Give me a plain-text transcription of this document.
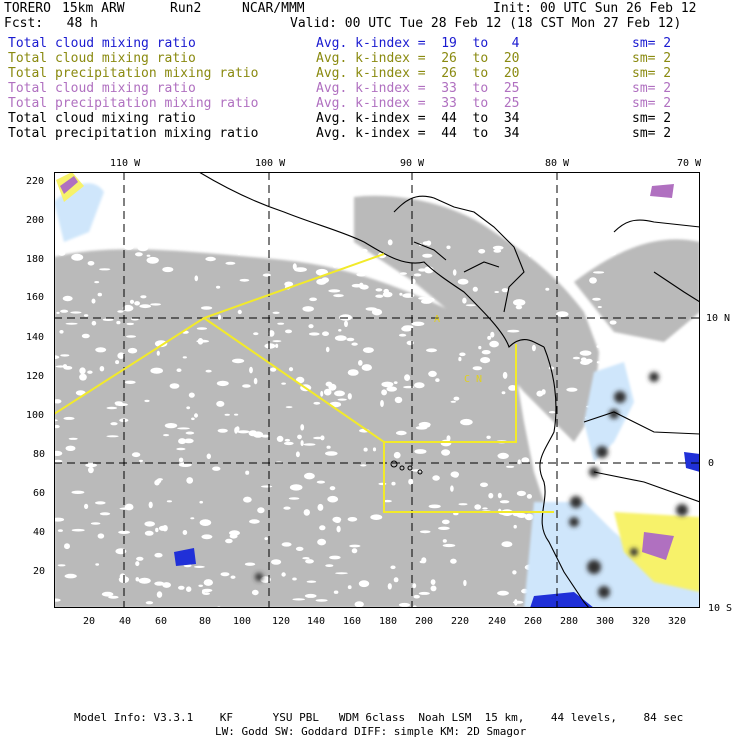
TORERO 15km ARW	Run2	NCAR/MMM	Init: 00 UTC Sun 26 Feb 12
Fcst:   48 h	Valid: 00 UTC Tue 28 Feb 12 (18 CST Mon 27 Feb 12)
Total cloud mixing ratio	Avg. k-index =  19  to   4	sm= 2
Total cloud mixing ratio	Avg. k-index =  26  to  20	sm= 2
Total precipitation mixing ratio	Avg. k-index =  26  to  20	sm= 2
Total cloud mixing ratio	Avg. k-index =  33  to  25	sm= 2
Total precipitation mixing ratio	Avg. k-index =  33  to  25	sm= 2
Total cloud mixing ratio	Avg. k-index =  44  to  34	sm= 2
Total precipitation mixing ratio	Avg. k-index =  44  to  34	sm= 2
110 W	100 W	90 W	80 W	70 W
10 N
0
10 S
220
200
180
160
140
120
100
80
60
40
20
20 40 60	80 100 120 140 160 180 200 220 240 260 280 300 320 320
A
C N
Model Info: V3.3.1    KF      YSU PBL   WDM 6class  Noah LSM  15 km,    44 levels,    84 sec
LW: Godd SW: Goddard DIFF: simple KM: 2D Smagor
